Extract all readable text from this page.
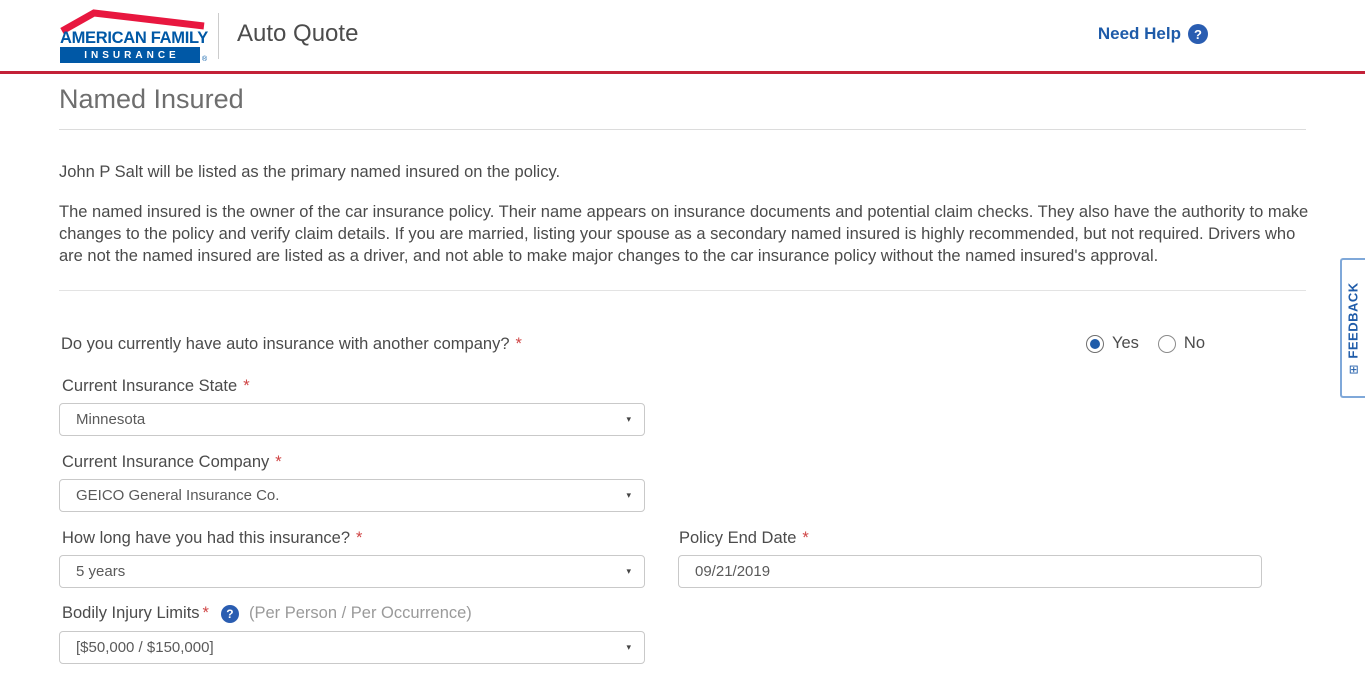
AMERICAN FAMILY
INSURANCE	®
Auto Quote	Need Help	?
Named Insured

John P Salt will be listed as the primary named insured on the policy.

The named insured is the owner of the car insurance policy. Their name appears on insurance documents and potential claim checks. They also have the authority to make changes to the policy and verify claim details. If you are married, listing your spouse as a secondary named insured is highly recommended, but not required. Drivers who are not the named insured are listed as a driver, and not able to make major changes to the car insurance policy without the named insured's approval.

Do you currently have auto insurance with another company? *	Yes	No
Current Insurance State *
Minnesota	▾
Current Insurance Company *
GEICO General Insurance Co.	▾
How long have you had this insurance? *
5 years	▾
Policy End Date *
09/21/2019
Bodily Injury Limits *	? (Per Person / Per Occurrence)
[$50,000 / $150,000]	▾
⊞
FEEDBACK
